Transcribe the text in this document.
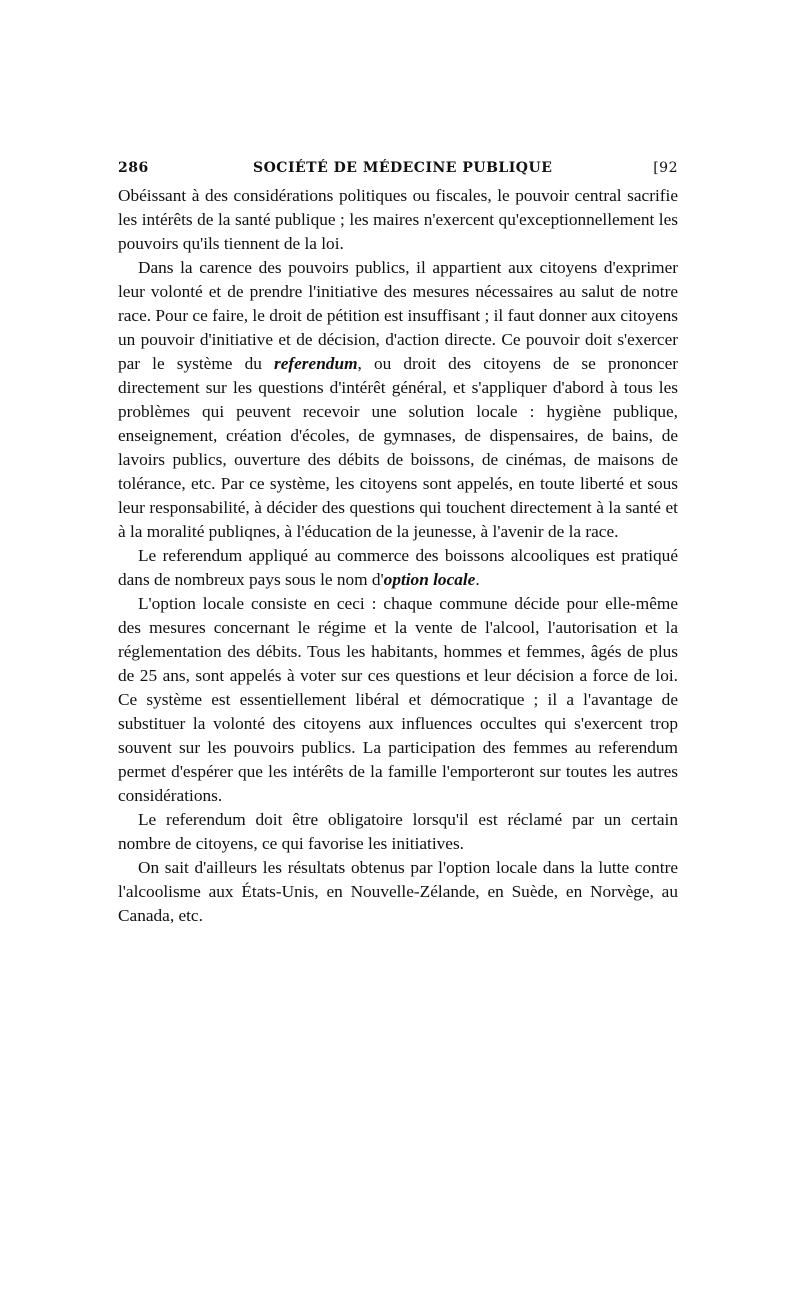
286	SOCIÉTÉ DE MÉDECINE PUBLIQUE	[92

Obéissant à des considérations politiques ou fiscales, le pouvoir central sacrifie les intérêts de la santé publique ; les maires n'exercent qu'exceptionnellement les pouvoirs qu'ils tiennent de la loi.

Dans la carence des pouvoirs publics, il appartient aux citoyens d'exprimer leur volonté et de prendre l'initiative des mesures nécessaires au salut de notre race. Pour ce faire, le droit de pétition est insuffisant ; il faut donner aux citoyens un pouvoir d'initiative et de décision, d'action directe. Ce pouvoir doit s'exercer par le système du referendum, ou droit des citoyens de se prononcer directement sur les questions d'intérêt général, et s'appliquer d'abord à tous les problèmes qui peuvent recevoir une solution locale : hygiène publique, enseignement, création d'écoles, de gymnases, de dispensaires, de bains, de lavoirs publics, ouverture des débits de boissons, de cinémas, de maisons de tolérance, etc. Par ce système, les citoyens sont appelés, en toute liberté et sous leur responsabilité, à décider des questions qui touchent directement à la santé et à la moralité publiqnes, à l'éducation de la jeunesse, à l'avenir de la race.

Le referendum appliqué au commerce des boissons alcooliques est pratiqué dans de nombreux pays sous le nom d'option locale.

L'option locale consiste en ceci : chaque commune décide pour elle-même des mesures concernant le régime et la vente de l'alcool, l'autorisation et la réglementation des débits. Tous les habitants, hommes et femmes, âgés de plus de 25 ans, sont appelés à voter sur ces questions et leur décision a force de loi. Ce système est essentiellement libéral et démocratique ; il a l'avantage de substituer la volonté des citoyens aux influences occultes qui s'exercent trop souvent sur les pouvoirs publics. La participation des femmes au referendum permet d'espérer que les intérêts de la famille l'emporteront sur toutes les autres considérations.

Le referendum doit être obligatoire lorsqu'il est réclamé par un certain nombre de citoyens, ce qui favorise les initiatives.

On sait d'ailleurs les résultats obtenus par l'option locale dans la lutte contre l'alcoolisme aux États-Unis, en Nouvelle-Zélande, en Suède, en Norvège, au Canada, etc.
